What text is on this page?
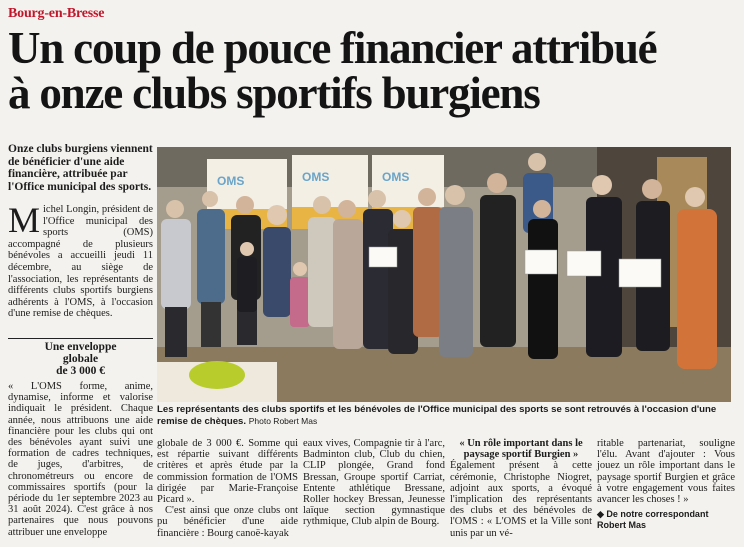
Bourg-en-Bresse
Un coup de pouce financier attribué
à onze clubs sportifs burgiens
Onze clubs burgiens viennent de bénéficier d'une aide financière, attribuée par l'Office municipal des sports.
Michel Longin, président de l'Office municipal des sports (OMS) accompagné de plusieurs bénévoles a accueilli jeudi 11 décembre, au siège de l'association, les représentants de différents clubs sportifs burgiens adhérents à l'OMS, à l'occasion d'une remise de chèques.
Une enveloppe
globale
de 3 000 €
« L'OMS forme, anime, dynamise, informe et valorise indiquait le président. Chaque année, nous attribuons une aide financière pour les clubs qui ont des bénévoles ayant suivi une formation de cadres techniques, de juges, d'arbitres, de chronométreurs ou encore de commissaires sportifs (pour la période du 1er septembre 2023 au 31 août 2024). C'est grâce à nos partenaires que nous pouvons attribuer une enveloppe
OMS	OMS	OMS
Les représentants des clubs sportifs et les bénévoles de l'Office municipal des sports se sont retrouvés à l'occasion d'une remise de chèques. Photo Robert Mas

globale de 3 000 €. Somme qui est répartie suivant différents critères et après étude par la commission formation de l'OMS dirigée par Marie-Françoise Picard ».

C'est ainsi que onze clubs ont pu bénéficier d'une aide financière : Bourg canoë-kayak

eaux vives, Compagnie tir à l'arc, Badminton club, Club du chien, CLIP plongée, Grand fond Bressan, Groupe sportif Carriat, Entente athlétique Bressane, Roller hockey Bressan, Jeunesse laïque section gymnastique rythmique, Club alpin de Bourg.
« Un rôle important dans le paysage sportif Burgien »

Également présent à cette cérémonie, Christophe Niogret, adjoint aux sports, a évoqué l'implication des représentants des clubs et des bénévoles de l'OMS : « L'OMS et la Ville sont unis par un vé-

ritable partenariat, souligne l'élu. Avant d'ajouter : Vous jouez un rôle important dans le paysage sportif Burgien et grâce à votre engagement vous faites avancer les choses ! »

◆ De notre correspondant
Robert Mas
